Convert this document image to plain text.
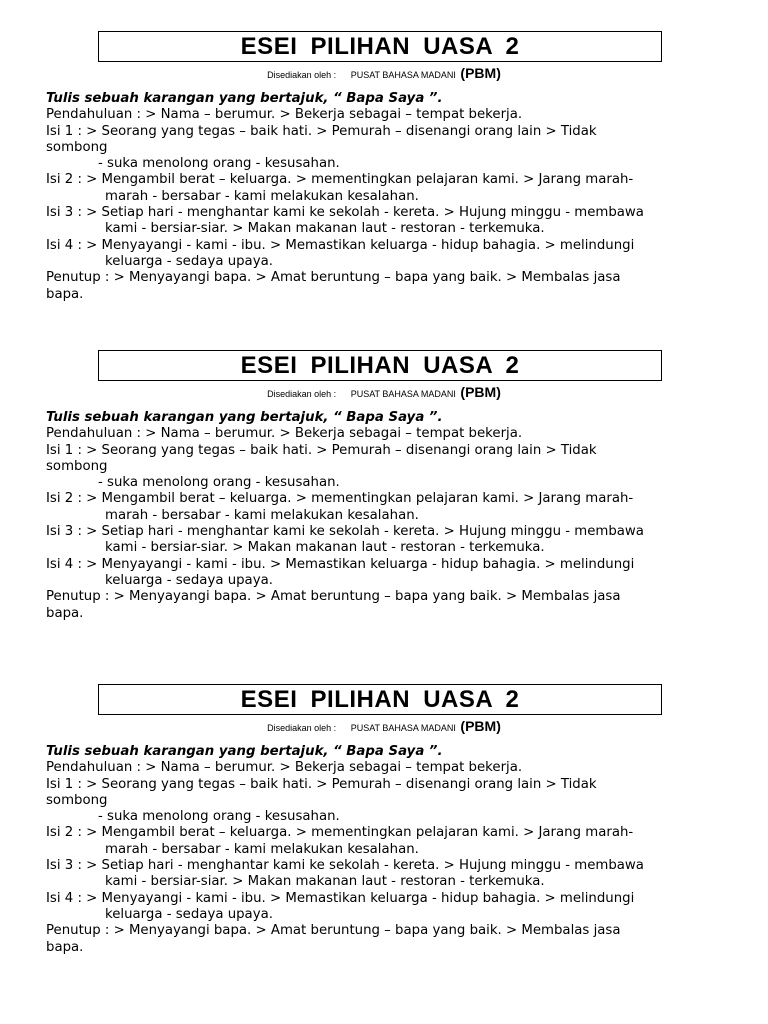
ESEI PILIHAN UASA 2
Disediakan oleh : PUSAT BAHASA MADANI (PBM)
Tulis sebuah karangan yang bertajuk, “ Bapa Saya ”.
Pendahuluan : > Nama – berumur. > Bekerja sebagai – tempat bekerja.
Isi 1 : > Seorang yang tegas – baik hati. > Pemurah – disenangi orang lain > Tidak
sombong
- suka menolong orang - kesusahan.
Isi 2 : > Mengambil berat – keluarga. > mementingkan pelajaran kami. > Jarang marah-
marah - bersabar - kami melakukan kesalahan.
Isi 3 : > Setiap hari - menghantar kami ke sekolah - kereta. > Hujung minggu - membawa
kami - bersiar-siar. > Makan makanan laut - restoran - terkemuka.
Isi 4 : > Menyayangi - kami - ibu. > Memastikan keluarga - hidup bahagia. > melindungi
keluarga - sedaya upaya.
Penutup : > Menyayangi bapa. > Amat beruntung – bapa yang baik. > Membalas jasa
bapa.
ESEI PILIHAN UASA 2
Disediakan oleh : PUSAT BAHASA MADANI (PBM)
Tulis sebuah karangan yang bertajuk, “ Bapa Saya ”.
Pendahuluan : > Nama – berumur. > Bekerja sebagai – tempat bekerja.
Isi 1 : > Seorang yang tegas – baik hati. > Pemurah – disenangi orang lain > Tidak
sombong
- suka menolong orang - kesusahan.
Isi 2 : > Mengambil berat – keluarga. > mementingkan pelajaran kami. > Jarang marah-
marah - bersabar - kami melakukan kesalahan.
Isi 3 : > Setiap hari - menghantar kami ke sekolah - kereta. > Hujung minggu - membawa
kami - bersiar-siar. > Makan makanan laut - restoran - terkemuka.
Isi 4 : > Menyayangi - kami - ibu. > Memastikan keluarga - hidup bahagia. > melindungi
keluarga - sedaya upaya.
Penutup : > Menyayangi bapa. > Amat beruntung – bapa yang baik. > Membalas jasa
bapa.
ESEI PILIHAN UASA 2
Disediakan oleh : PUSAT BAHASA MADANI (PBM)
Tulis sebuah karangan yang bertajuk, “ Bapa Saya ”.
Pendahuluan : > Nama – berumur. > Bekerja sebagai – tempat bekerja.
Isi 1 : > Seorang yang tegas – baik hati. > Pemurah – disenangi orang lain > Tidak
sombong
- suka menolong orang - kesusahan.
Isi 2 : > Mengambil berat – keluarga. > mementingkan pelajaran kami. > Jarang marah-
marah - bersabar - kami melakukan kesalahan.
Isi 3 : > Setiap hari - menghantar kami ke sekolah - kereta. > Hujung minggu - membawa
kami - bersiar-siar. > Makan makanan laut - restoran - terkemuka.
Isi 4 : > Menyayangi - kami - ibu. > Memastikan keluarga - hidup bahagia. > melindungi
keluarga - sedaya upaya.
Penutup : > Menyayangi bapa. > Amat beruntung – bapa yang baik. > Membalas jasa
bapa.
